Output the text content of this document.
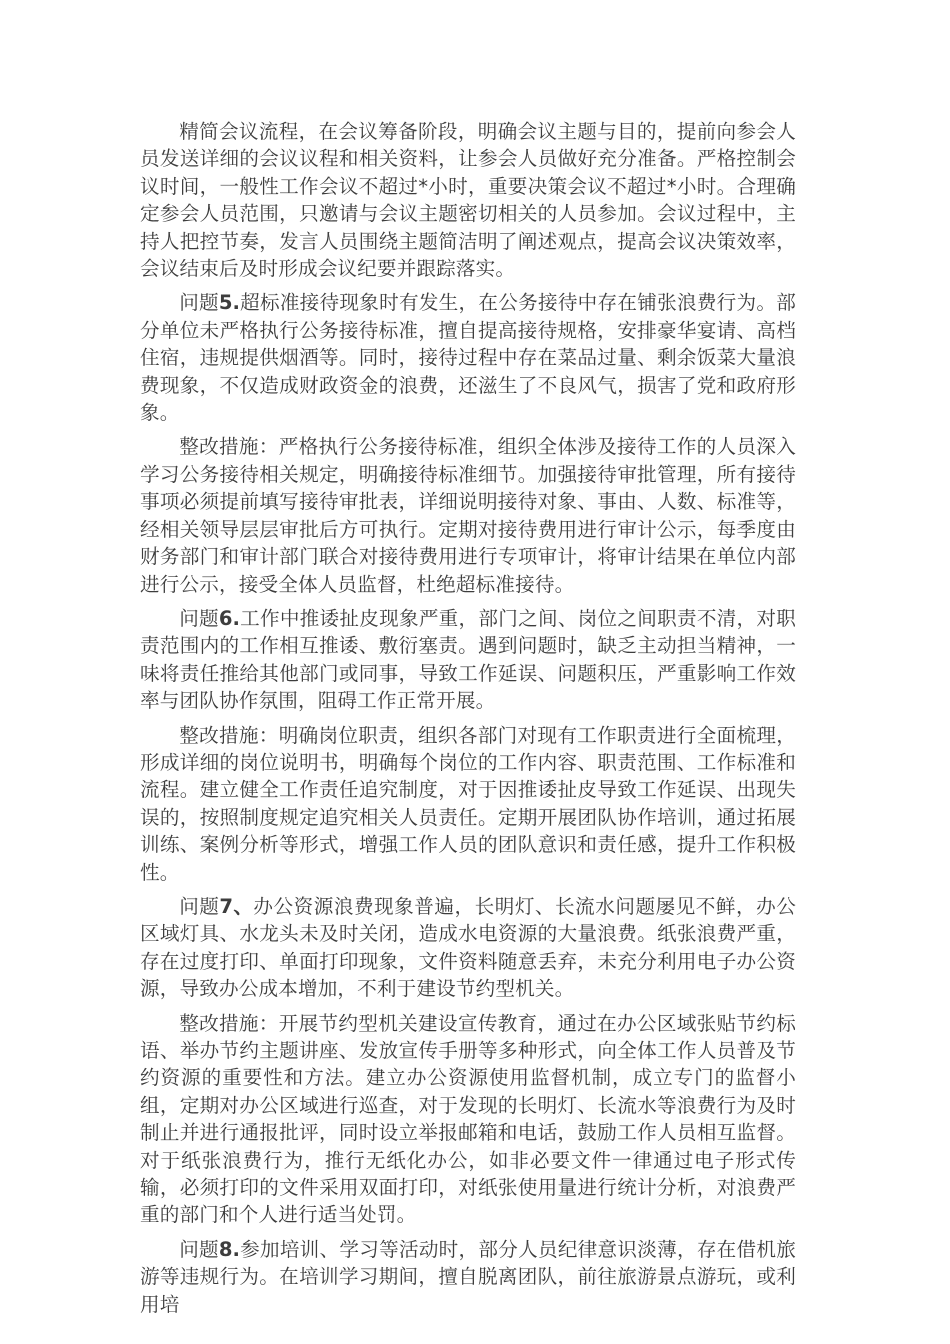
精简会议流程，在会议筹备阶段，明确会议主题与目的，提前向参会人员发送详细的会议议程和相关资料，让参会人员做好充分准备。严格控制会议时间，一般性工作会议不超过*小时，重要决策会议不超过*小时。合理确定参会人员范围，只邀请与会议主题密切相关的人员参加。会议过程中，主持人把控节奏，发言人员围绕主题简洁明了阐述观点，提高会议决策效率，会议结束后及时形成会议纪要并跟踪落实。

问题5.超标准接待现象时有发生，在公务接待中存在铺张浪费行为。部分单位未严格执行公务接待标准，擅自提高接待规格，安排豪华宴请、高档住宿，违规提供烟酒等。同时，接待过程中存在菜品过量、剩余饭菜大量浪费现象，不仅造成财政资金的浪费，还滋生了不良风气，损害了党和政府形象。

整改措施：严格执行公务接待标准，组织全体涉及接待工作的人员深入学习公务接待相关规定，明确接待标准细节。加强接待审批管理，所有接待事项必须提前填写接待审批表，详细说明接待对象、事由、人数、标准等，经相关领导层层审批后方可执行。定期对接待费用进行审计公示，每季度由财务部门和审计部门联合对接待费用进行专项审计，将审计结果在单位内部进行公示，接受全体人员监督，杜绝超标准接待。

问题6.工作中推诿扯皮现象严重，部门之间、岗位之间职责不清，对职责范围内的工作相互推诿、敷衍塞责。遇到问题时，缺乏主动担当精神，一味将责任推给其他部门或同事，导致工作延误、问题积压，严重影响工作效率与团队协作氛围，阻碍工作正常开展。

整改措施：明确岗位职责，组织各部门对现有工作职责进行全面梳理，形成详细的岗位说明书，明确每个岗位的工作内容、职责范围、工作标准和流程。建立健全工作责任追究制度，对于因推诿扯皮导致工作延误、出现失误的，按照制度规定追究相关人员责任。定期开展团队协作培训，通过拓展训练、案例分析等形式，增强工作人员的团队意识和责任感，提升工作积极性。

问题7、办公资源浪费现象普遍，长明灯、长流水问题屡见不鲜，办公区域灯具、水龙头未及时关闭，造成水电资源的大量浪费。纸张浪费严重，存在过度打印、单面打印现象，文件资料随意丢弃，未充分利用电子办公资源，导致办公成本增加，不利于建设节约型机关。

整改措施：开展节约型机关建设宣传教育，通过在办公区域张贴节约标语、举办节约主题讲座、发放宣传手册等多种形式，向全体工作人员普及节约资源的重要性和方法。建立办公资源使用监督机制，成立专门的监督小组，定期对办公区域进行巡查，对于发现的长明灯、长流水等浪费行为及时制止并进行通报批评，同时设立举报邮箱和电话，鼓励工作人员相互监督。对于纸张浪费行为，推行无纸化办公，如非必要文件一律通过电子形式传输，必须打印的文件采用双面打印，对纸张使用量进行统计分析，对浪费严重的部门和个人进行适当处罚。

问题8.参加培训、学习等活动时，部分人员纪律意识淡薄，存在借机旅游等违规行为。在培训学习期间，擅自脱离团队，前往旅游景点游玩，或利用培
